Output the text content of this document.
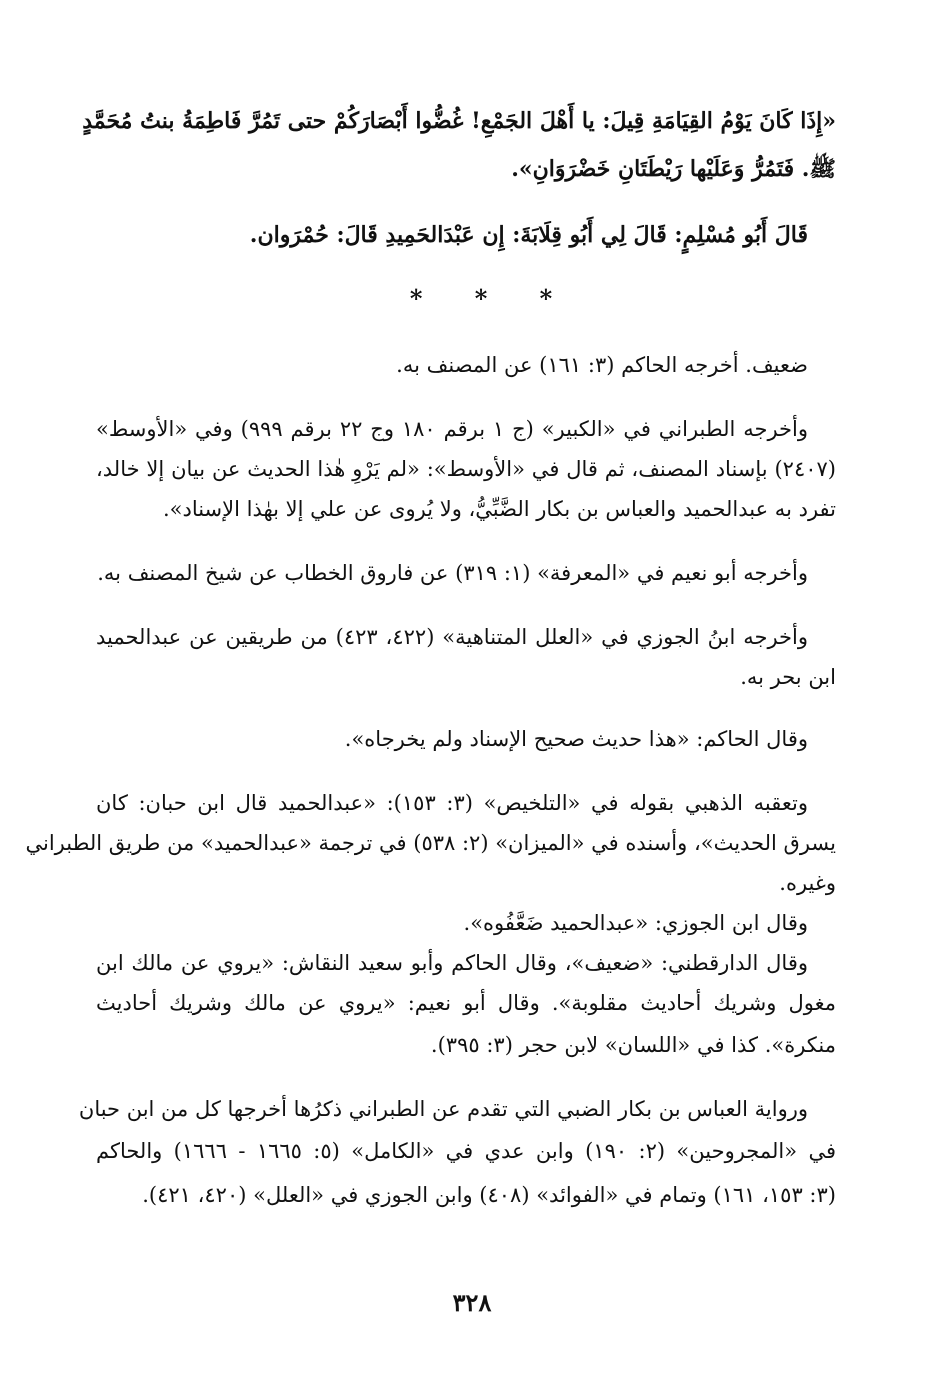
«إِذَا كَانَ يَوْمُ القِيَامَةِ قِيلَ: يا أَهْلَ الجَمْعِ! غُضُّوا أَبْصَارَكُمْ حتى تَمُرَّ فَاطِمَةُ بنتُ مُحَمَّدٍ
ﷺ. فَتَمُرُّ وَعَلَيْها رَيْطَتَانِ خَضْرَوَانِ».
قَالَ أَبُو مُسْلِمٍ: قَالَ لِي أَبُو قِلَابَةَ: إِن عَبْدَالحَمِيدِ قَالَ: حُمْرَوان.
* * *
ضعيف. أخرجه الحاكم (٣: ١٦١) عن المصنف به.
وأخرجه الطبراني في «الكبير» (ج ١ برقم ١٨٠ وج ٢٢ برقم ٩٩٩) وفي «الأوسط»
(٢٤٠٧) بإسناد المصنف، ثم قال في «الأوسط»: «لم يَرْوِ هٰذا الحديث عن بيان إلا خالد،
تفرد به عبدالحميد والعباس بن بكار الضَّبِّيُّ، ولا يُروى عن علي إلا بهٰذا الإسناد».
وأخرجه أبو نعيم في «المعرفة» (١: ٣١٩) عن فاروق الخطاب عن شيخ المصنف به.
وأخرجه ابنُ الجوزي في «العلل المتناهية» (٤٢٢، ٤٢٣) من طريقين عن عبدالحميد
ابن بحر به.
وقال الحاكم: «هذا حديث صحيح الإسناد ولم يخرجاه».
وتعقبه الذهبي بقوله في «التلخيص» (٣: ١٥٣): «عبدالحميد قال ابن حبان: كان
يسرق الحديث»، وأسنده في «الميزان» (٢: ٥٣٨) في ترجمة «عبدالحميد» من طريق الطبراني
وغيره.
وقال ابن الجوزي: «عبدالحميد ضَعَّفُوه».
وقال الدارقطني: «ضعيف»، وقال الحاكم وأبو سعيد النقاش: «يروي عن مالك ابن
مغول وشريك أحاديث مقلوبة». وقال أبو نعيم: «يروي عن مالك وشريك أحاديث
منكرة». كذا في «اللسان» لابن حجر (٣: ٣٩٥).
ورواية العباس بن بكار الضبي التي تقدم عن الطبراني ذكرُها أخرجها كل من ابن حبان
في «المجروحين» (٢: ١٩٠) وابن عدي في «الكامل» (٥: ١٦٦٥ - ١٦٦٦) والحاكم
(٣: ١٥٣، ١٦١) وتمام في «الفوائد» (٤٠٨) وابن الجوزي في «العلل» (٤٢٠، ٤٢١).
٣٢٨
